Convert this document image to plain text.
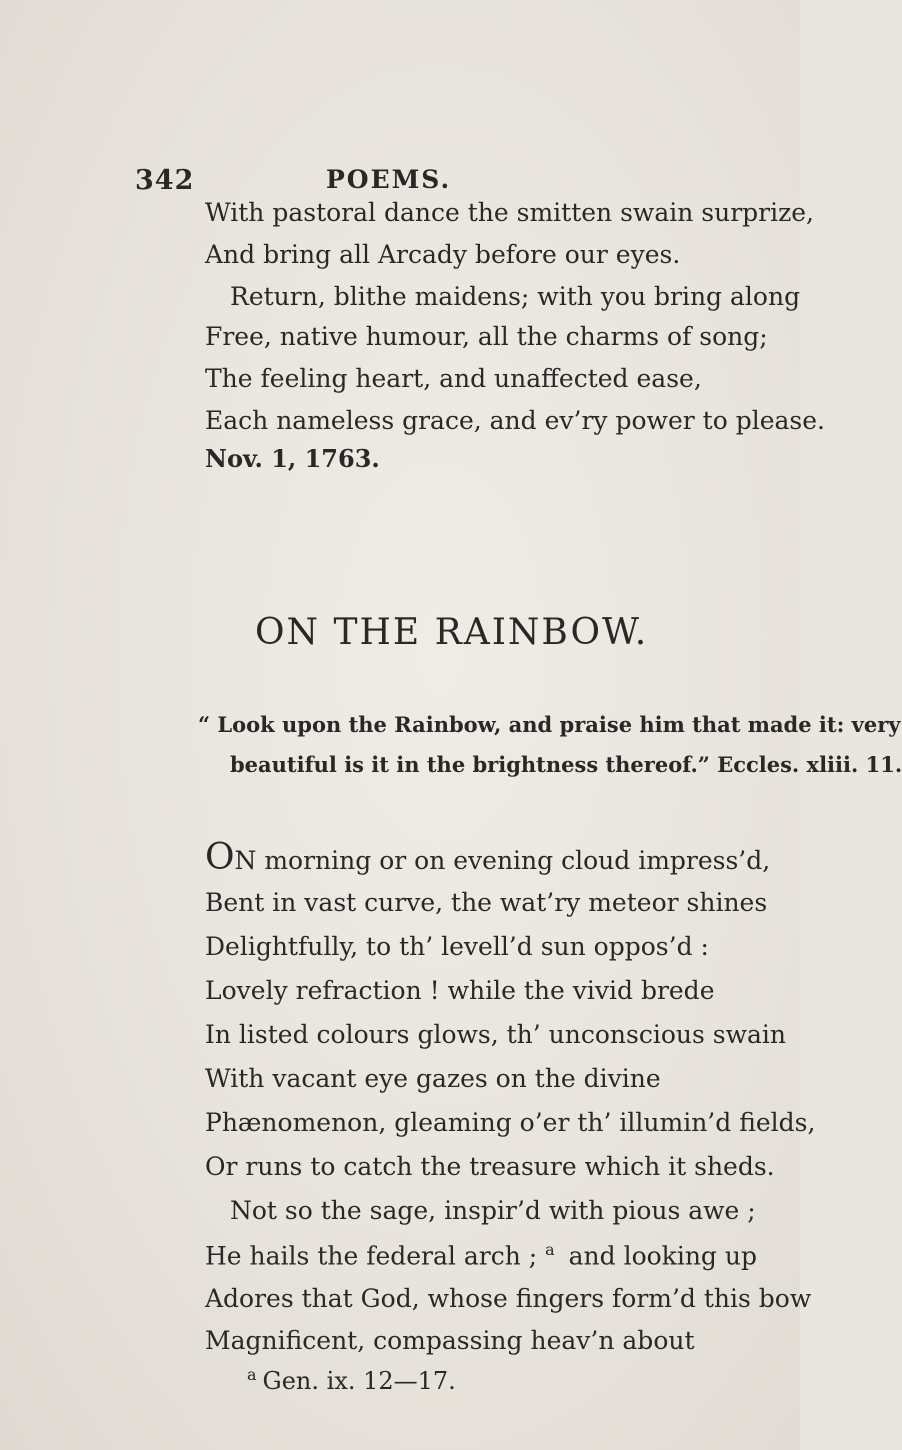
342	POEMS.
With pastoral dance the smitten swain surprize,
And bring all Arcady before our eyes.
Return, blithe maidens; with you bring along
Free, native humour, all the charms of song;
The feeling heart, and unaffected ease,
Each nameless grace, and ev’ry power to please.
Nov. 1, 1763.
ON THE RAINBOW.
“ Look upon the Rainbow, and praise him that made it: very
beautiful is it in the brightness thereof.” Eccles. xliii. 11.
ON morning or on evening cloud impress’d,
Bent in vast curve, the wat’ry meteor shines
Delightfully, to th’ levell’d sun oppos’d :
Lovely refraction ! while the vivid brede
In listed colours glows, th’ unconscious swain
With vacant eye gazes on the divine
Phænomenon, gleaming o’er th’ illumin’d fields,
Or runs to catch the treasure which it sheds.
Not so the sage, inspir’d with pious awe ;
He hails the federal arch ; $^a$ and looking up
Adores that God, whose fingers form’d this bow
Magnificent, compassing heav’n about
$^a$ Gen. ix. 12—17.
